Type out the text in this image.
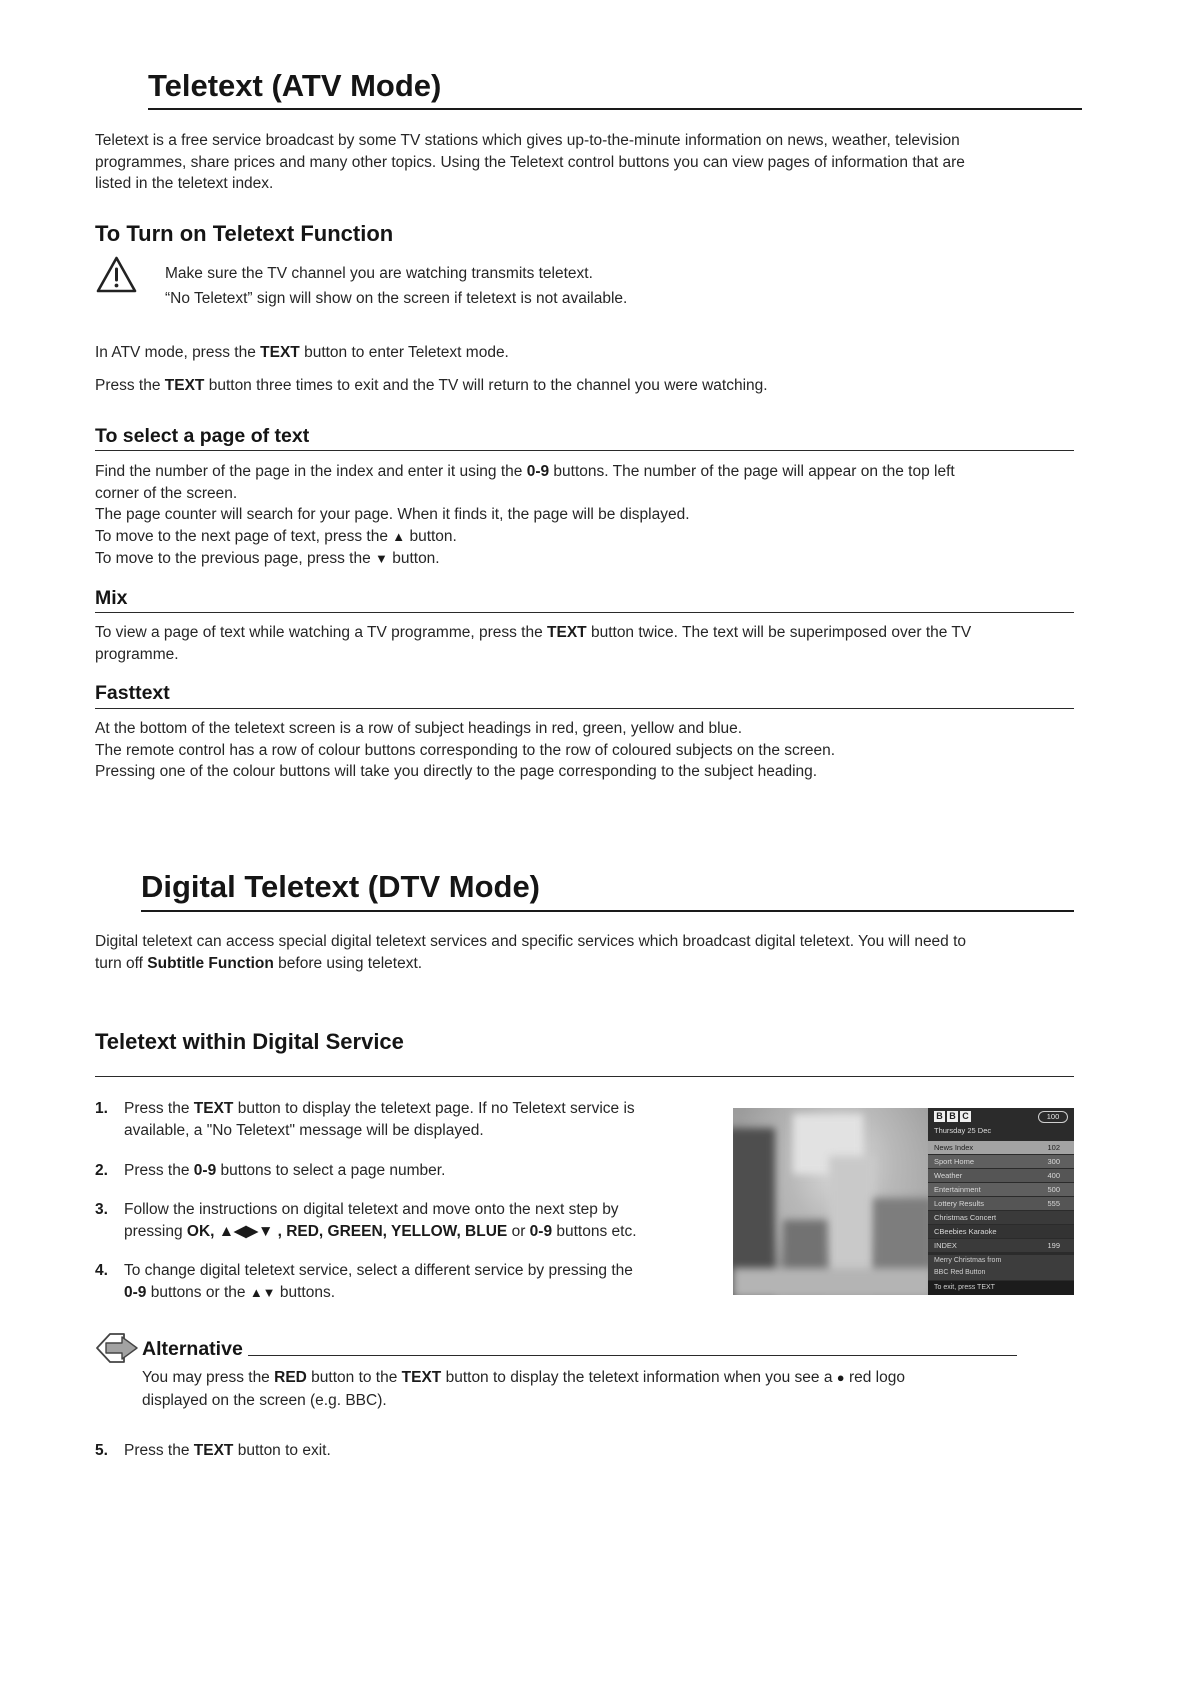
Teletext (ATV Mode)
Teletext is a free service broadcast by some TV stations which gives up-to-the-minute information on news, weather, television
programmes, share prices and many other topics. Using the Teletext control buttons you can view pages of information that are
listed in the teletext index.
To Turn on Teletext Function
Make sure the TV channel you are watching transmits teletext.
“No Teletext” sign will show on the screen if teletext is not available.
In ATV mode, press the TEXT button to enter Teletext mode.
Press the TEXT button three times to exit and the TV will return to the channel you were watching.
To select a page of text
Find the number of the page in the index and enter it using the 0-9 buttons. The number of the page will appear on the top left
corner of the screen.
The page counter will search for your page. When it finds it, the page will be displayed.
To move to the next page of text, press the ▲ button.
To move to the previous page, press the ▼ button.
Mix
To view a page of text while watching a TV programme, press the TEXT button twice. The text will be superimposed over the TV
programme.
Fasttext
At the bottom of the teletext screen is a row of subject headings in red, green, yellow and blue.
The remote control has a row of colour buttons corresponding to the row of coloured subjects on the screen.
Pressing one of the colour buttons will take you directly to the page corresponding to the subject heading.
Digital Teletext (DTV Mode)
Digital teletext can access special digital teletext services and specific services which broadcast digital teletext. You will need to
turn off Subtitle Function before using teletext.
Teletext within Digital Service
1. Press the TEXT button to display the teletext page. If no Teletext service is
available, a "No Teletext" message will be displayed.
2. Press the 0-9 buttons to select a page number.
3. Follow the instructions on digital teletext and move onto the next step by
pressing OK, ▲◀▶▼ , RED, GREEN, YELLOW, BLUE or 0-9 buttons etc.
4. To change digital teletext service, select a different service by pressing the
0-9 buttons or the ▲▼ buttons.
B B C	100
Thursday 25 Dec
News Index	102
Sport Home	300
Weather	400
Entertainment	500
Lottery Results	555
Christmas Concert
CBeebies Karaoke
INDEX	199
Merry Christmas from
BBC Red Button
To exit, press TEXT
Alternative
You may press the RED button to the TEXT button to display the teletext information when you see a ● red logo
displayed on the screen (e.g. BBC).
5. Press the TEXT button to exit.
